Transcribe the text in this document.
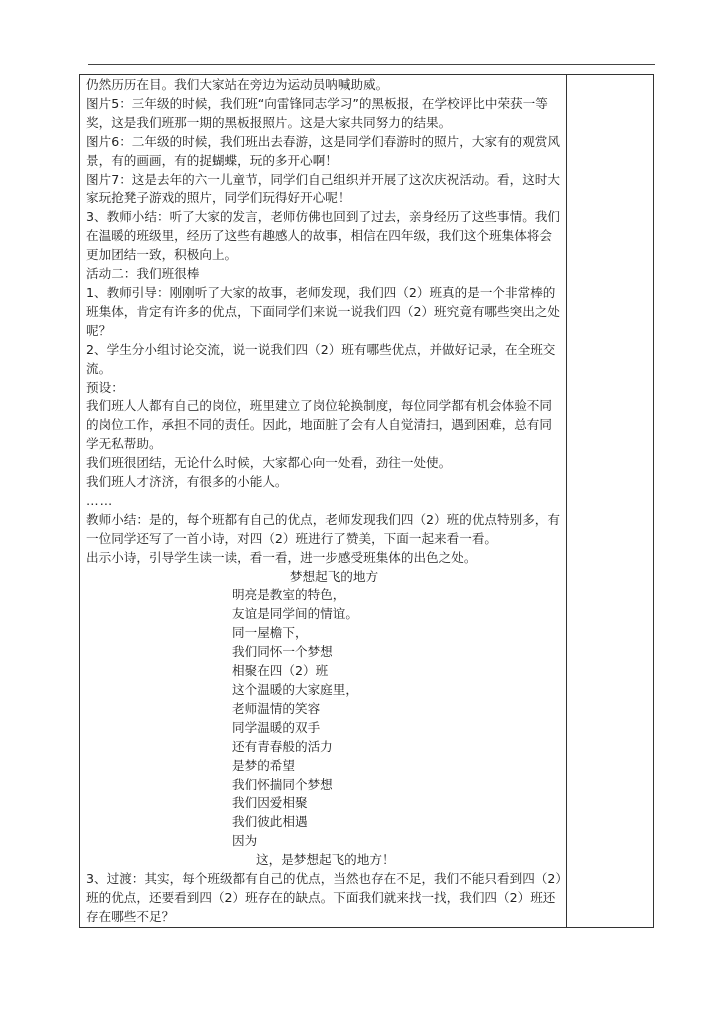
仍然历历在目。我们大家站在旁边为运动员呐喊助威。

图片5：三年级的时候，我们班“向雷锋同志学习”的黑板报，在学校评比中荣获一等奖，这是我们班那一期的黑板报照片。这是大家共同努力的结果。

图片6：二年级的时候，我们班出去春游，这是同学们春游时的照片，大家有的观赏风景，有的画画，有的捉蝴蝶，玩的多开心啊！

图片7：这是去年的六一儿童节，同学们自己组织并开展了这次庆祝活动。看，这时大家玩抢凳子游戏的照片，同学们玩得好开心呢！

3、教师小结：听了大家的发言，老师仿佛也回到了过去，亲身经历了这些事情。我们在温暖的班级里，经历了这些有趣感人的故事，相信在四年级，我们这个班集体将会更加团结一致，积极向上。

活动二：我们班很棒

1、教师引导：刚刚听了大家的故事，老师发现，我们四（2）班真的是一个非常棒的班集体，肯定有许多的优点，下面同学们来说一说我们四（2）班究竟有哪些突出之处呢？

2、学生分小组讨论交流，说一说我们四（2）班有哪些优点，并做好记录，在全班交流。

预设：

我们班人人都有自己的岗位，班里建立了岗位轮换制度，每位同学都有机会体验不同的岗位工作，承担不同的责任。因此，地面脏了会有人自觉清扫，遇到困难，总有同学无私帮助。

我们班很团结，无论什么时候，大家都心向一处看，劲往一处使。

我们班人才济济，有很多的小能人。

……

教师小结：是的，每个班都有自己的优点，老师发现我们四（2）班的优点特别多，有一位同学还写了一首小诗，对四（2）班进行了赞美，下面一起来看一看。

出示小诗，引导学生读一读，看一看，进一步感受班集体的出色之处。

梦想起飞的地方

明亮是教室的特色，

友谊是同学间的情谊。

同一屋檐下，

我们同怀一个梦想

相聚在四（2）班

这个温暖的大家庭里，

老师温情的笑容

同学温暖的双手

还有青春般的活力

是梦的希望

我们怀揣同个梦想

我们因爱相聚

我们彼此相遇

因为

这，是梦想起飞的地方！

3、过渡：其实，每个班级都有自己的优点，当然也存在不足，我们不能只看到四（2）班的优点，还要看到四（2）班存在的缺点。下面我们就来找一找，我们四（2）班还存在哪些不足？
